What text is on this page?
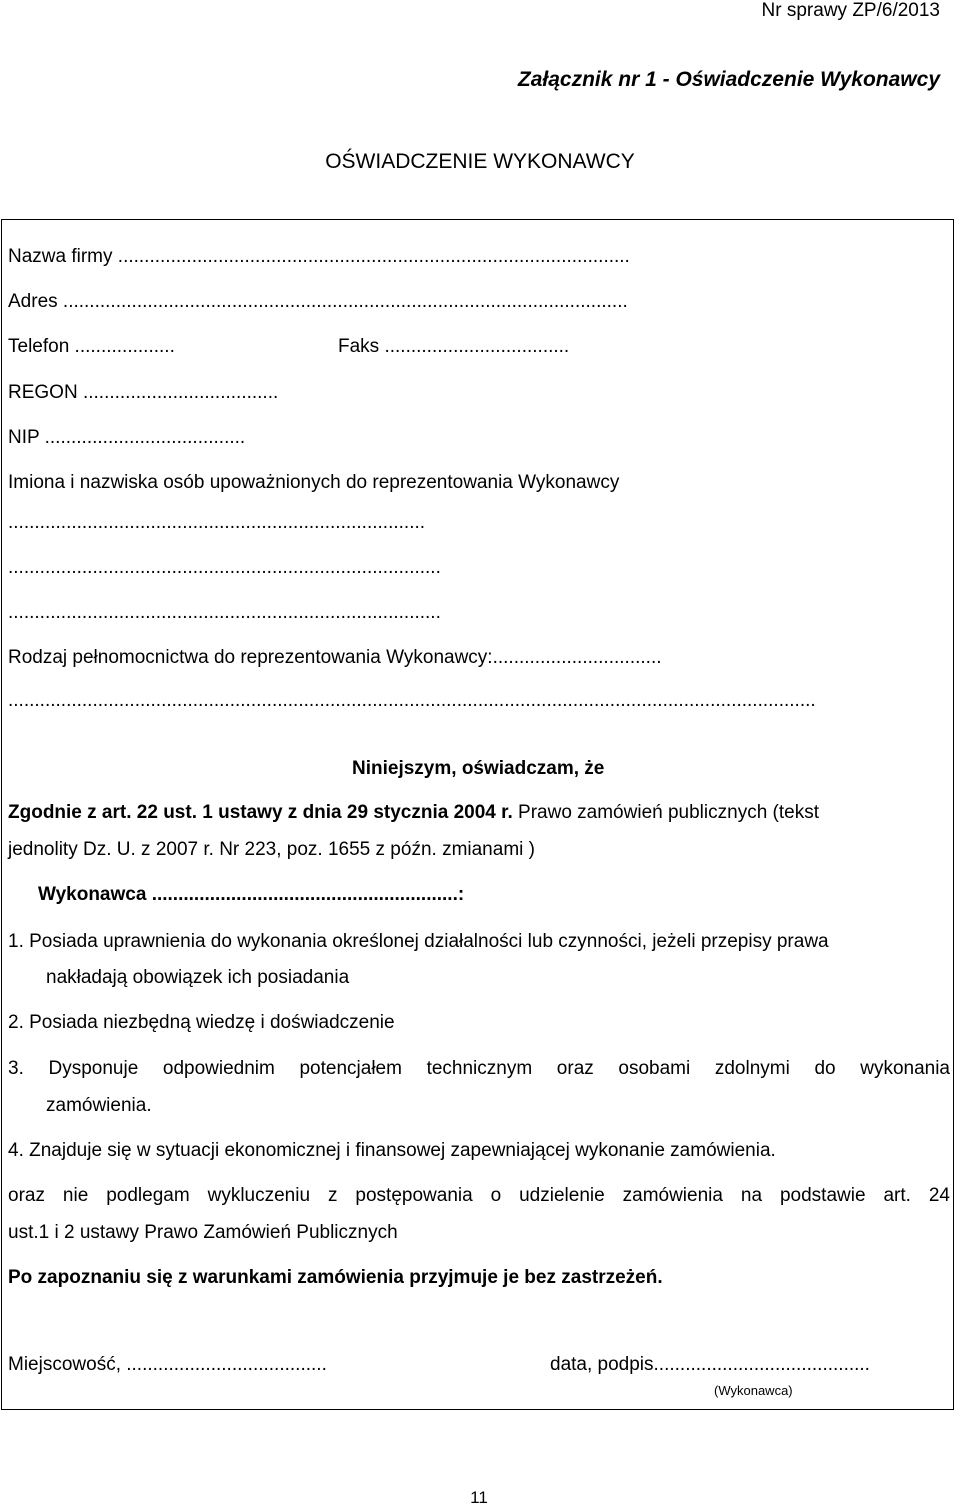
Nr sprawy ZP/6/2013
Załącznik nr 1 - Oświadczenie Wykonawcy
OŚWIADCZENIE WYKONAWCY
Nazwa firmy .................................................................................................
Adres ...........................................................................................................
Telefon ...................	Faks ...................................
REGON .....................................
NIP ......................................
Imiona i nazwiska osób upoważnionych do reprezentowania Wykonawcy
...............................................................................
..................................................................................
..................................................................................
Rodzaj pełnomocnictwa do reprezentowania Wykonawcy:................................
.........................................................................................................................................................
Niniejszym, oświadczam, że
Zgodnie z art. 22 ust. 1 ustawy z dnia 29 stycznia 2004 r. Prawo zamówień publicznych (tekst
jednolity Dz. U. z 2007 r. Nr 223, poz. 1655 z późn. zmianami )
Wykonawca ..........................................................:
1. Posiada uprawnienia do wykonania określonej działalności lub czynności, jeżeli przepisy prawa
nakładają obowiązek ich posiadania
2. Posiada niezbędną wiedzę i doświadczenie
3. Dysponuje odpowiednim potencjałem technicznym oraz osobami zdolnymi do wykonania
zamówienia.
4. Znajduje się w sytuacji ekonomicznej i finansowej zapewniającej wykonanie zamówienia.
oraz nie podlegam wykluczeniu z postępowania o udzielenie zamówienia na podstawie art. 24
ust.1 i 2 ustawy Prawo Zamówień Publicznych
Po zapoznaniu się z warunkami zamówienia przyjmuje je bez zastrzeżeń.
Miejscowość, ......................................	data, podpis.........................................
(Wykonawca)
11
